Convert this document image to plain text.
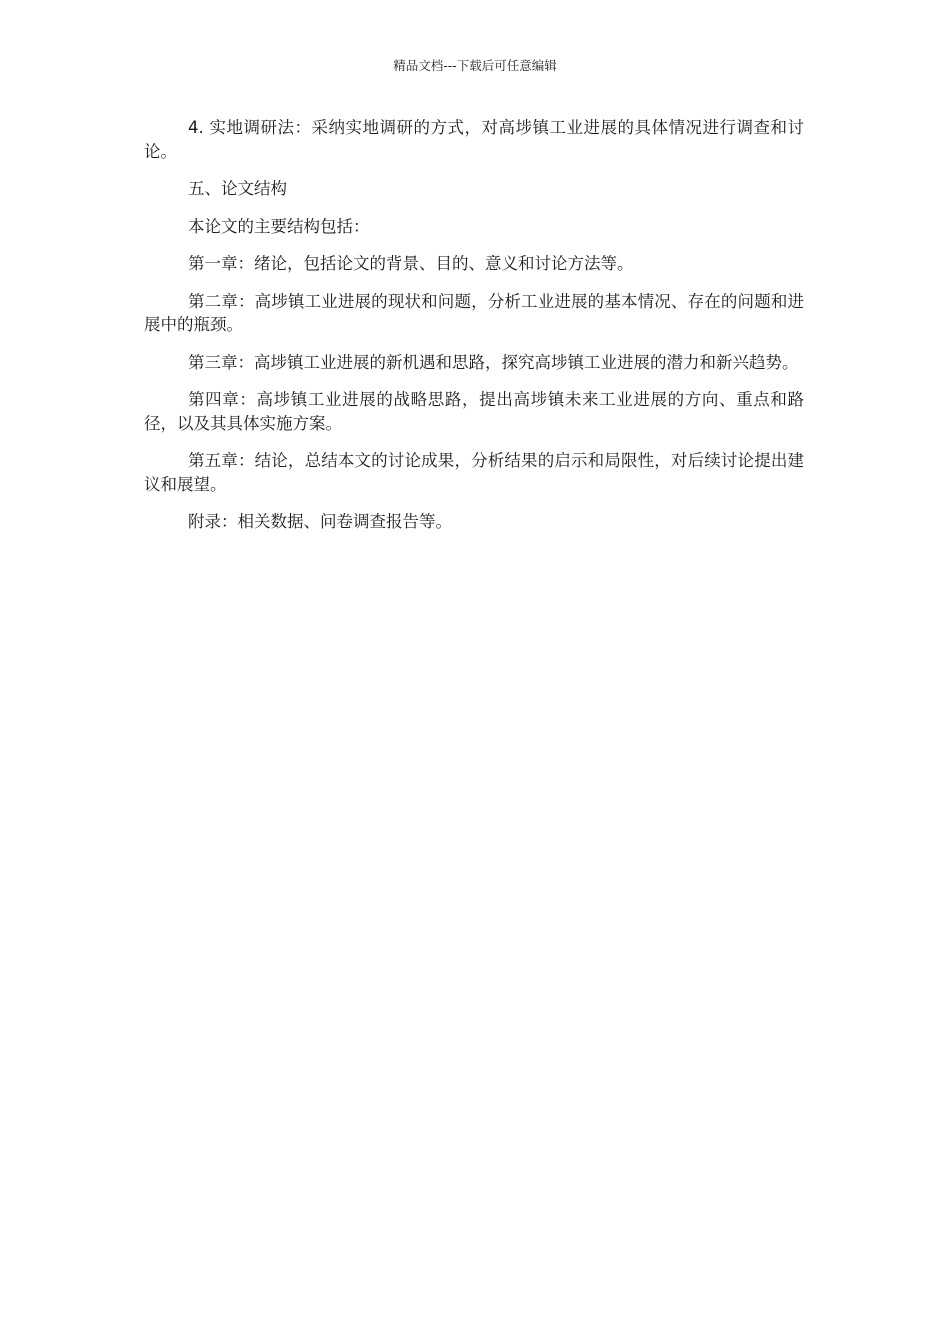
精品文档---下载后可任意编辑

4. 实地调研法：采纳实地调研的方式，对高埗镇工业进展的具体情况进行调查和讨论。

五、论文结构

本论文的主要结构包括：

第一章：绪论，包括论文的背景、目的、意义和讨论方法等。

第二章：高埗镇工业进展的现状和问题，分析工业进展的基本情况、存在的问题和进展中的瓶颈。

第三章：高埗镇工业进展的新机遇和思路，探究高埗镇工业进展的潜力和新兴趋势。

第四章：高埗镇工业进展的战略思路，提出高埗镇未来工业进展的方向、重点和路径，以及其具体实施方案。

第五章：结论，总结本文的讨论成果，分析结果的启示和局限性，对后续讨论提出建议和展望。

附录：相关数据、问卷调查报告等。
